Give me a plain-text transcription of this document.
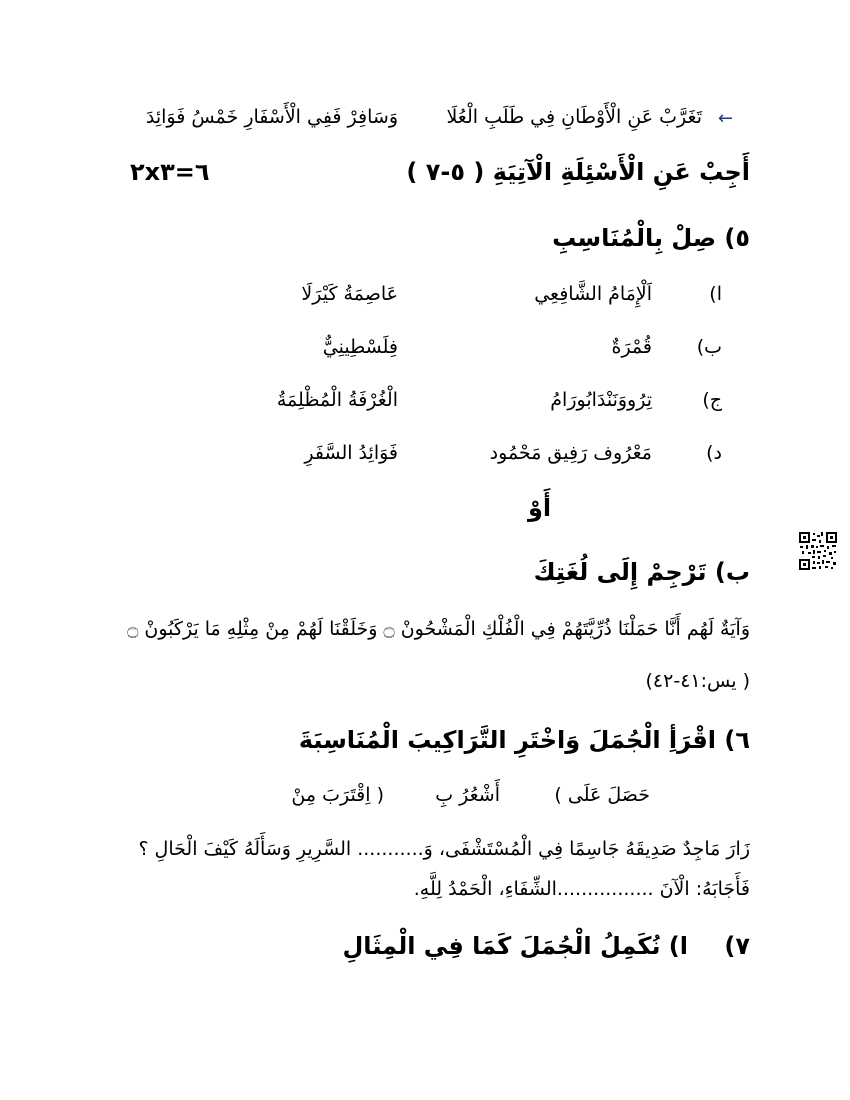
←
تَغَرَّبْ عَنِ الْأَوْطَانِ فِي طَلَبِ الْعُلَا
وَسَافِرْ فَفِي الْأَسْفَارِ خَمْسُ فَوَائِدَ
أَجِبْ عَنِ الْأَسْئِلَةِ الْآتِيَةِ ( ٥-٧ )
٦=٢x٣
٥) صِلْ بِالْمُنَاسِبِ
ا)
اَلْإِمَامُ الشَّافِعِي
عَاصِمَةُ كَيْرَلَا
ب)
قُمْرَةٌ
فِلَسْطِينِيٌّ
ج)
تِرُووَنَنْدَابُورَامُ
الْغُرْفَةُ الْمُظْلِمَةُ
د)
مَعْرُوف رَفِيق مَحْمُود
فَوَائِدُ السَّفَرِ
أَوْ
ب) تَرْجِمْ إِلَى لُغَتِكَ
وَآيَةٌ لَهُم أَنَّا حَمَلْنَا ذُرِّيَّتَهُمْ فِي الْفُلْكِ الْمَشْحُونْ ۝ وَخَلَقْنَا لَهُمْ مِنْ مِثْلِهِ مَا يَرْكَبُونْ ۝
( يس:٤١-٤٢)
٦) اقْرَأِ الْجُمَلَ وَاخْتَرِ التَّرَاكِيبَ الْمُنَاسِبَةَ
حَصَلَ عَلَى )
أَشْعُرُ بِ
( اِقْتَرَبَ مِنْ
زَارَ مَاجِدٌ صَدِيقَهُ جَاسِمًا فِي الْمُسْتَشْفَى، وَ........... السَّرِيرِ وَسَأَلَهُ كَيْفَ الْحَالِ ؟
فَأَجَابَهُ: الْآنَ ................الشِّفَاءِ، الْحَمْدُ لِلَّهِ.
٧)
ا) نُكَمِلُ الْجُمَلَ كَمَا فِي الْمِثَالِ
